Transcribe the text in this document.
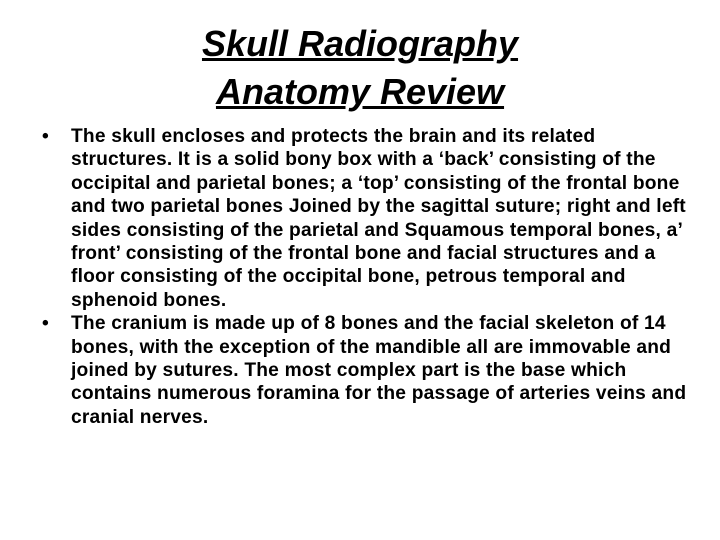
Skull Radiography
Anatomy Review
• The skull encloses and protects the brain and its related structures. It is a solid bony box with a ‘back’ consisting of the occipital and parietal bones; a ‘top’ consisting of the frontal bone and two parietal bones Joined by the sagittal suture; right and left sides consisting of the parietal and Squamous temporal bones, a’ front’ consisting of the frontal bone and facial structures and a floor consisting of the occipital bone, petrous temporal and sphenoid bones.
• The cranium is made up of 8 bones and the facial skeleton of 14 bones, with the exception of the mandible all are immovable and joined by sutures. The most complex part is the base which contains numerous foramina for the passage of arteries veins and cranial nerves.
